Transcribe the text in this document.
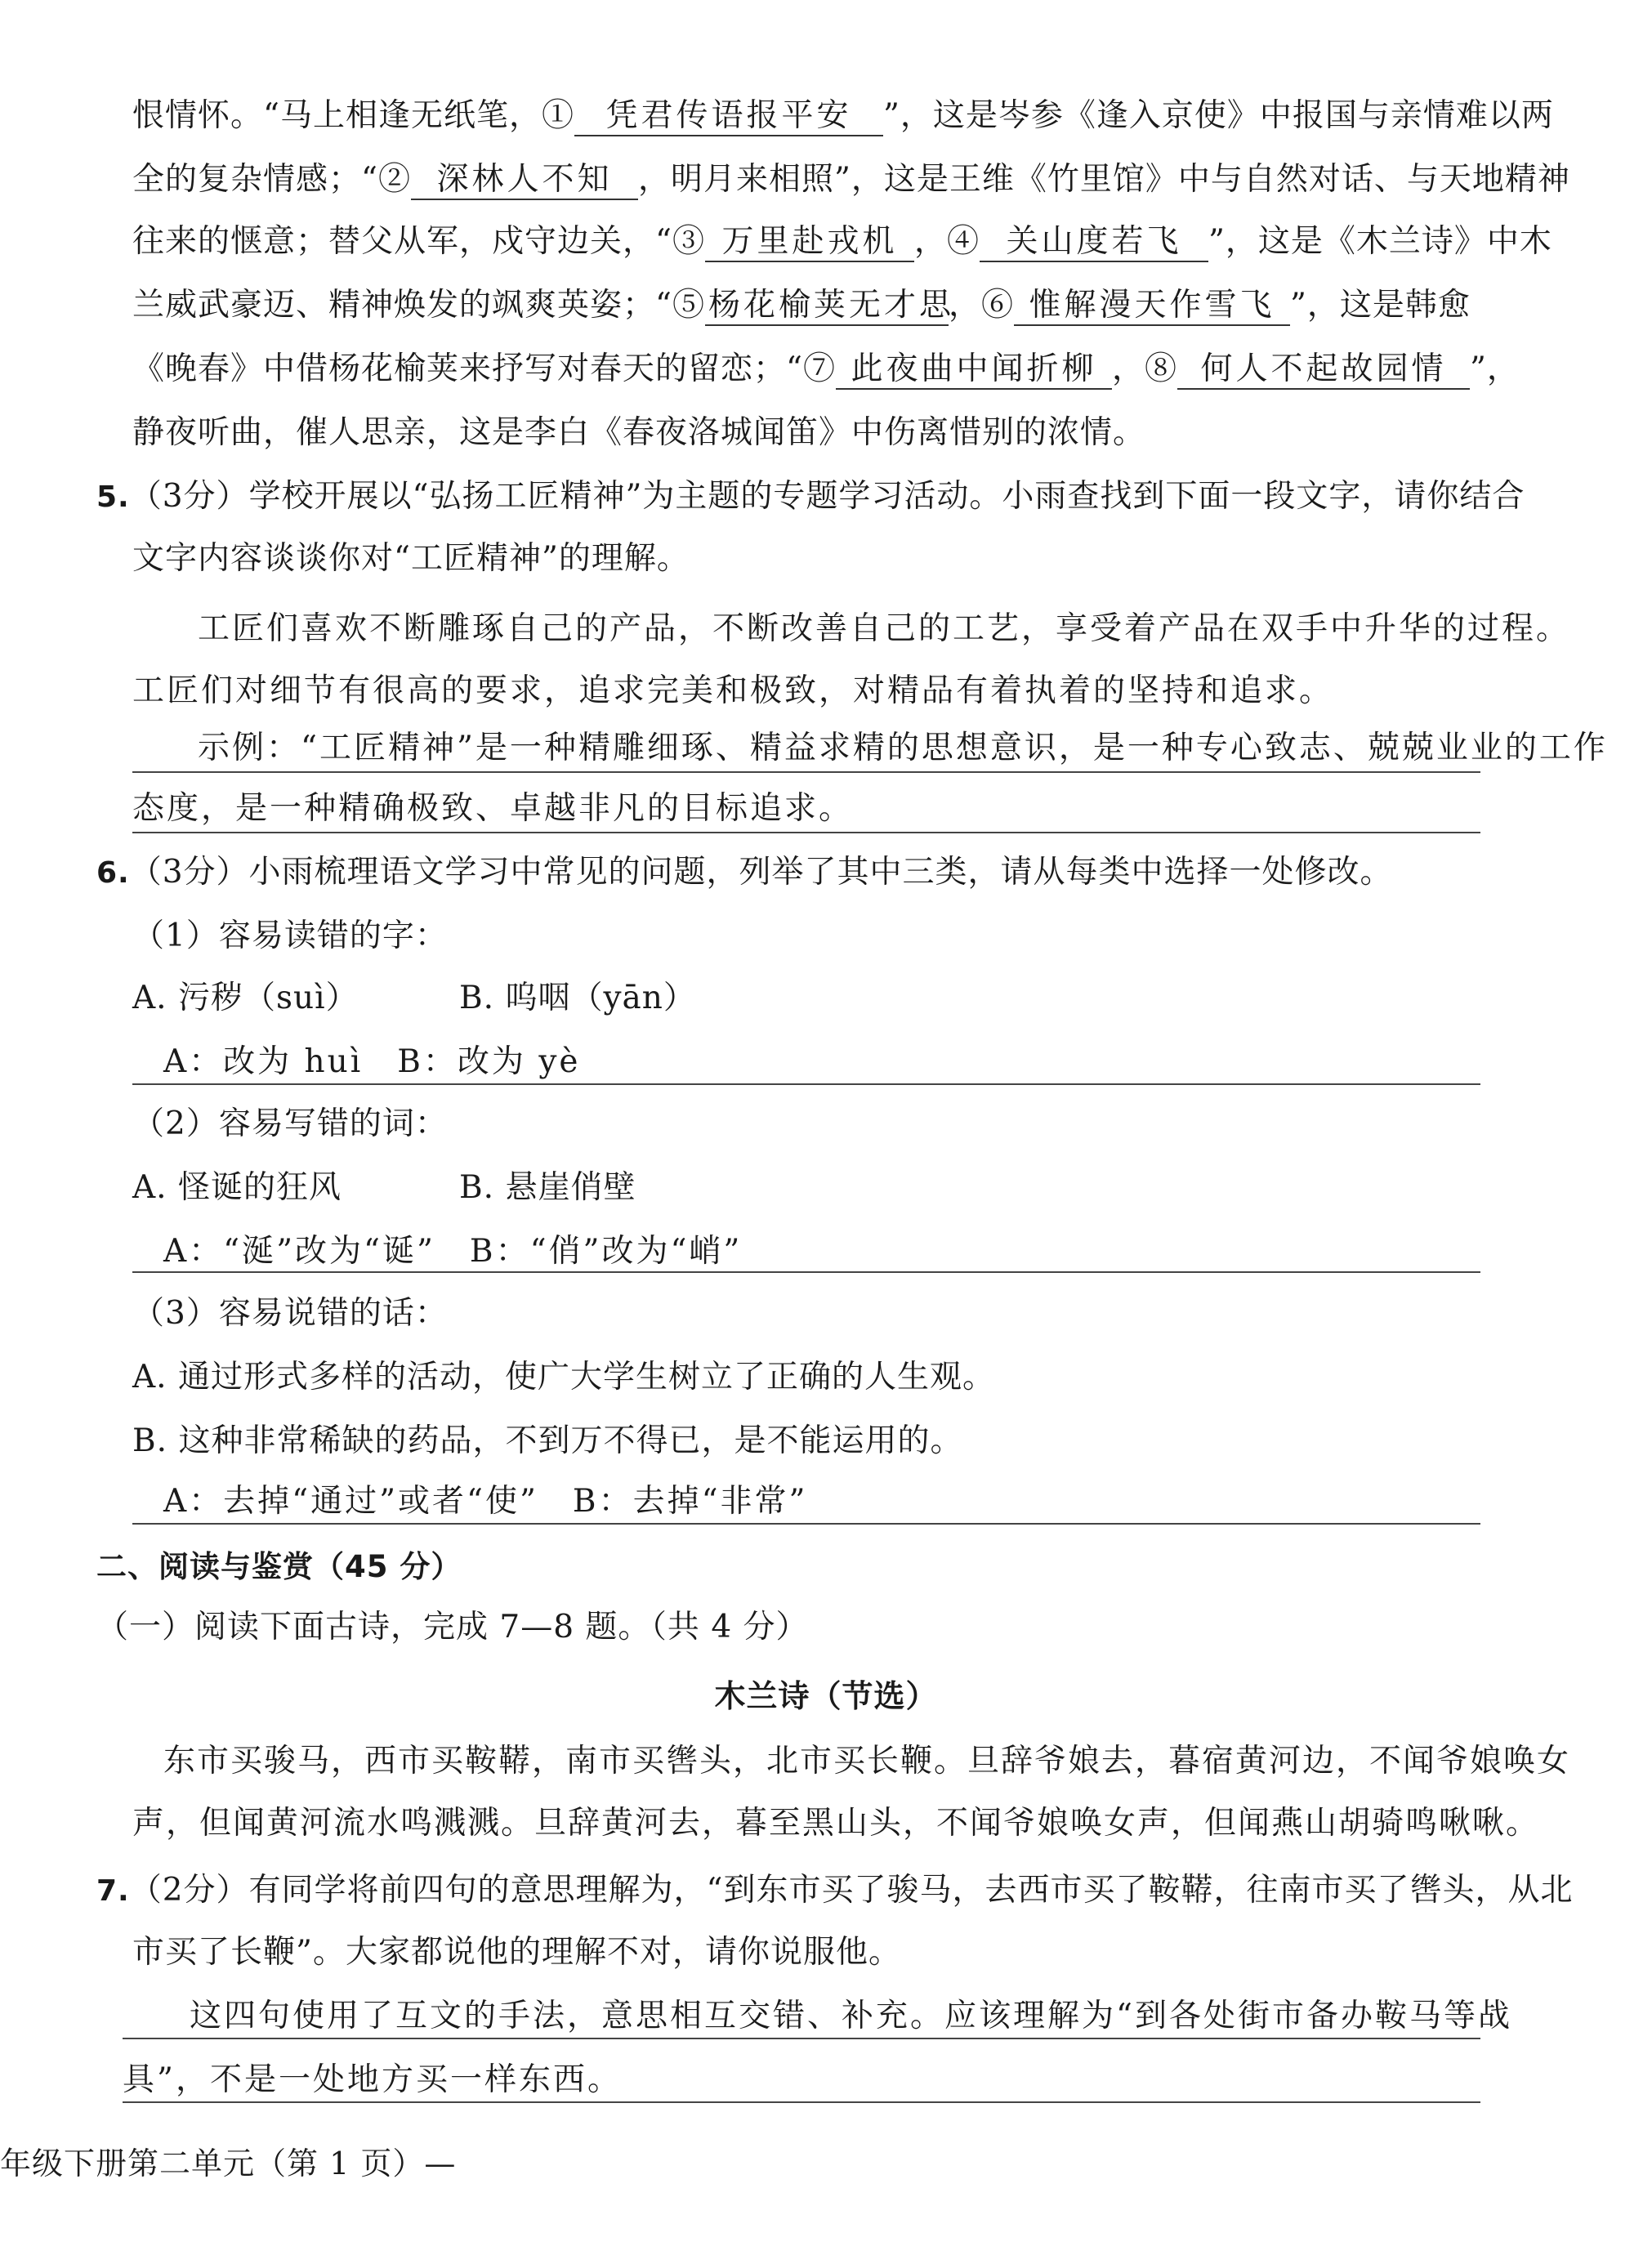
恨情怀。“马上相逢无纸笔，① 凭君传语报平安 ”，这是岑参《逢入京使》中报国与亲情难以两
全的复杂情感；“② 深林人不知 ，明月来相照”，这是王维《竹里馆》中与自然对话、与天地精神
往来的惬意；替父从军，戍守边关，“③ 万里赴戎机 ，④ 关山度若飞 ”，这是《木兰诗》中木
兰威武豪迈、精神焕发的飒爽英姿；“⑤ 杨花榆荚无才思，⑥ 惟解漫天作雪飞 ”，这是韩愈
《晚春》中借杨花榆荚来抒写对春天的留恋；“⑦ 此夜曲中闻折柳 ，⑧ 何人不起故园情 ”，
静夜听曲，催人思亲，这是李白《春夜洛城闻笛》中伤离惜别的浓情。
5.（3分）学校开展以“弘扬工匠精神”为主题的专题学习活动。小雨查找到下面一段文字，请你结合
文字内容谈谈你对“工匠精神”的理解。
工匠们喜欢不断雕琢自己的产品，不断改善自己的工艺，享受着产品在双手中升华的过程。
工匠们对细节有很高的要求，追求完美和极致，对精品有着执着的坚持和追求。
示例：“工匠精神”是一种精雕细琢、精益求精的思想意识，是一种专心致志、兢兢业业的工作
态度，是一种精确极致、卓越非凡的目标追求。
6.（3分）小雨梳理语文学习中常见的问题，列举了其中三类，请从每类中选择一处修改。
（1）容易读错的字：
A. 污秽（suì）	B. 呜咽（yān）
A：改为 huì　B：改为 yè
（2）容易写错的词：
A. 怪诞的狂风	B. 悬崖俏壁
A：“涎”改为“诞”　B：“俏”改为“峭”
（3）容易说错的话：
A. 通过形式多样的活动，使广大学生树立了正确的人生观。
B. 这种非常稀缺的药品，不到万不得已，是不能运用的。
A：去掉“通过”或者“使”　B：去掉“非常”
二、阅读与鉴赏（45 分）
（一）阅读下面古诗，完成 7—8 题。（共 4 分）
木兰诗（节选）
东市买骏马，西市买鞍鞯，南市买辔头，北市买长鞭。旦辞爷娘去，暮宿黄河边，不闻爷娘唤女
声，但闻黄河流水鸣溅溅。旦辞黄河去，暮至黑山头，不闻爷娘唤女声，但闻燕山胡骑鸣啾啾。
7.（2分）有同学将前四句的意思理解为，“到东市买了骏马，去西市买了鞍鞯，往南市买了辔头，从北
市买了长鞭”。大家都说他的理解不对，请你说服他。
这四句使用了互文的手法，意思相互交错、补充。应该理解为“到各处街市备办鞍马等战
具”，不是一处地方买一样东西。
年级下册第二单元（第 1 页）—
